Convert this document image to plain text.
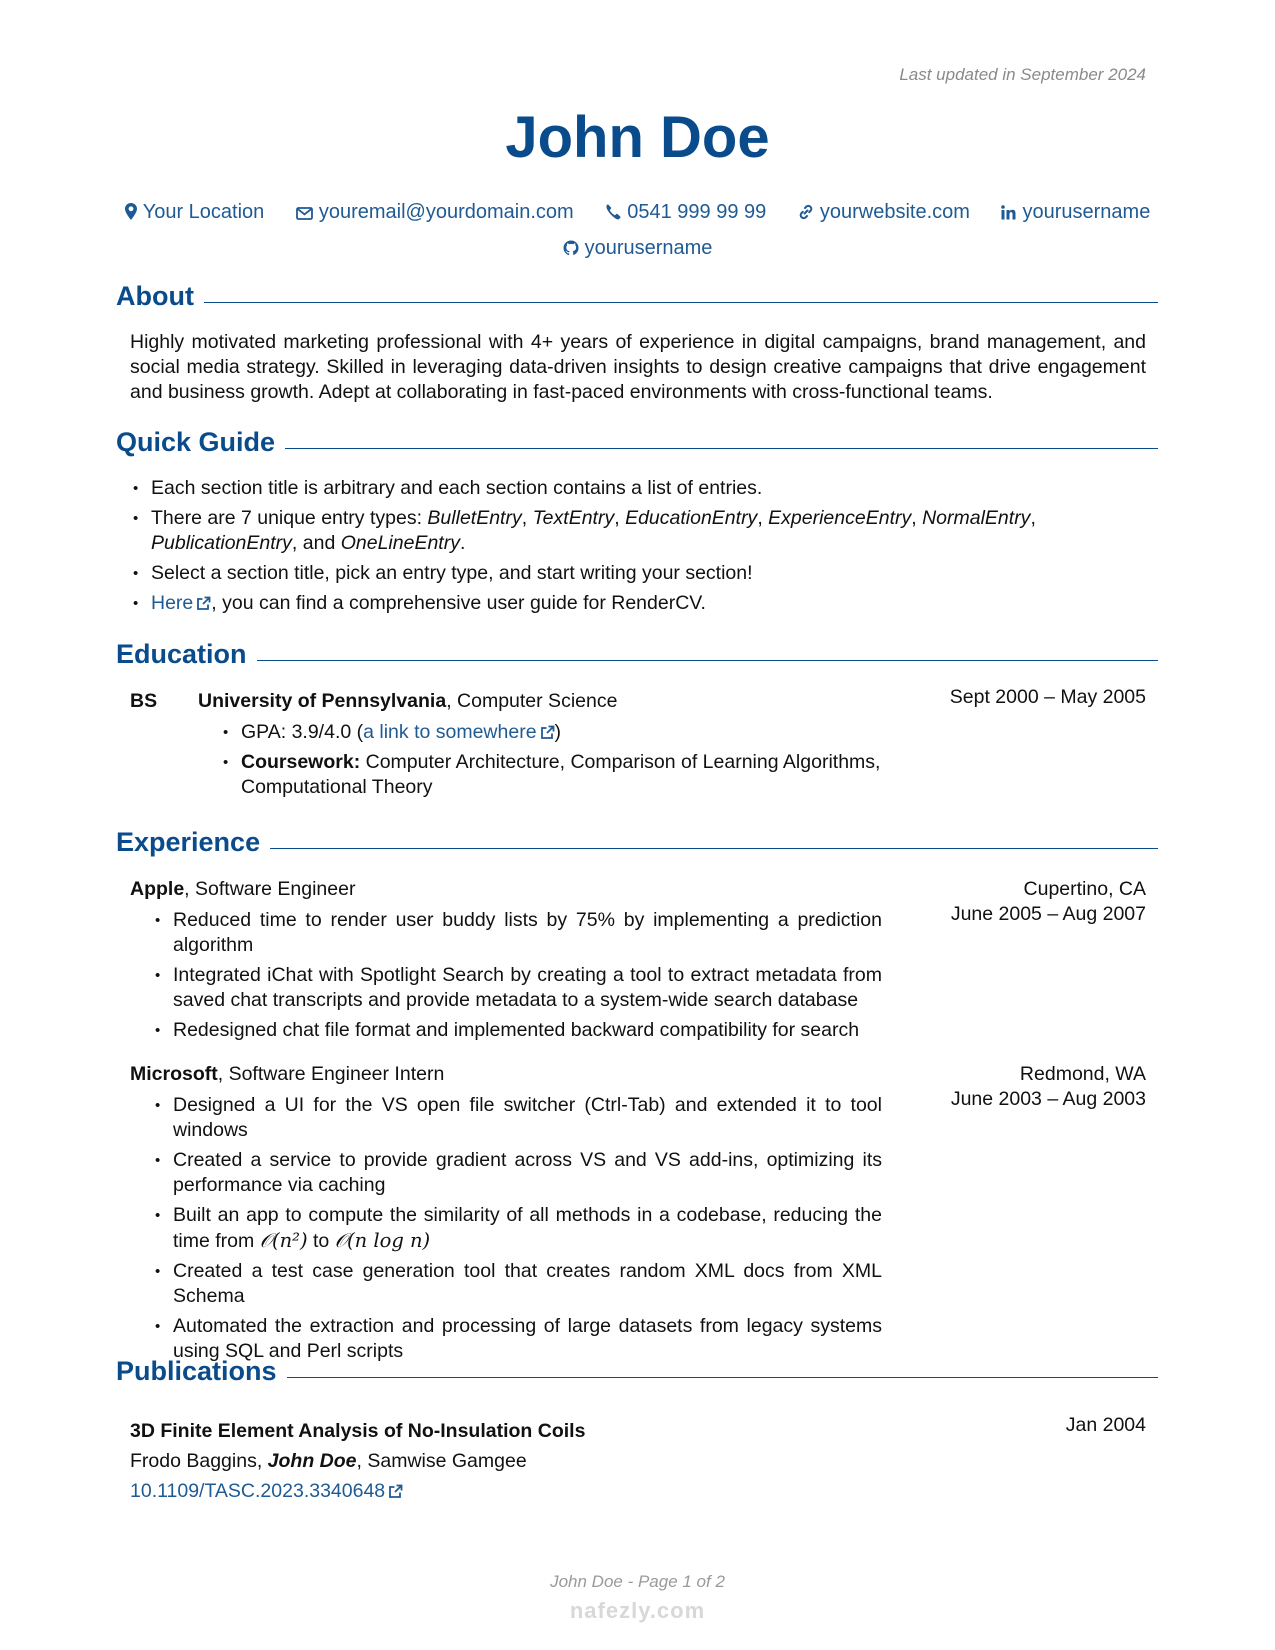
Last updated in September 2024
John Doe
Your Location	youremail@yourdomain.com	0541 999 99 99	yourwebsite.com	yourusername
yourusername
About
Highly motivated marketing professional with 4+ years of experience in digital campaigns, brand management, and social media strategy. Skilled in leveraging data-driven insights to design creative campaigns that drive engagement and business growth. Adept at collaborating in fast-paced environments with cross-functional teams.
Quick Guide
• Each section title is arbitrary and each section contains a list of entries.
• There are 7 unique entry types: BulletEntry, TextEntry, EducationEntry, ExperienceEntry, NormalEntry, PublicationEntry, and OneLineEntry.
• Select a section title, pick an entry type, and start writing your section!
• Here , you can find a comprehensive user guide for RenderCV.
Education
BS University of Pennsylvania, Computer Science
• GPA: 3.9/4.0 (a link to somewhere )
• Coursework: Computer Architecture, Comparison of Learning Algorithms, Computational Theory
Sept 2000 – May 2005
Experience
Apple, Software Engineer
• Reduced time to render user buddy lists by 75% by implementing a prediction algorithm
• Integrated iChat with Spotlight Search by creating a tool to extract metadata from saved chat transcripts and provide metadata to a system-wide search database
• Redesigned chat file format and implemented backward compatibility for search
Cupertino, CA
June 2005 – Aug 2007
Microsoft, Software Engineer Intern
• Designed a UI for the VS open file switcher (Ctrl-Tab) and extended it to tool windows
• Created a service to provide gradient across VS and VS add-ins, optimizing its performance via caching
• Built an app to compute the similarity of all methods in a codebase, reducing the time from 𝒪(n²) to 𝒪(n log n)
• Created a test case generation tool that creates random XML docs from XML Schema
• Automated the extraction and processing of large datasets from legacy systems using SQL and Perl scripts
Redmond, WA
June 2003 – Aug 2003
Publications
3D Finite Element Analysis of No-Insulation Coils
Frodo Baggins, John Doe, Samwise Gamgee
10.1109/TASC.2023.3340648
Jan 2004
John Doe - Page 1 of 2
nafezly.com
